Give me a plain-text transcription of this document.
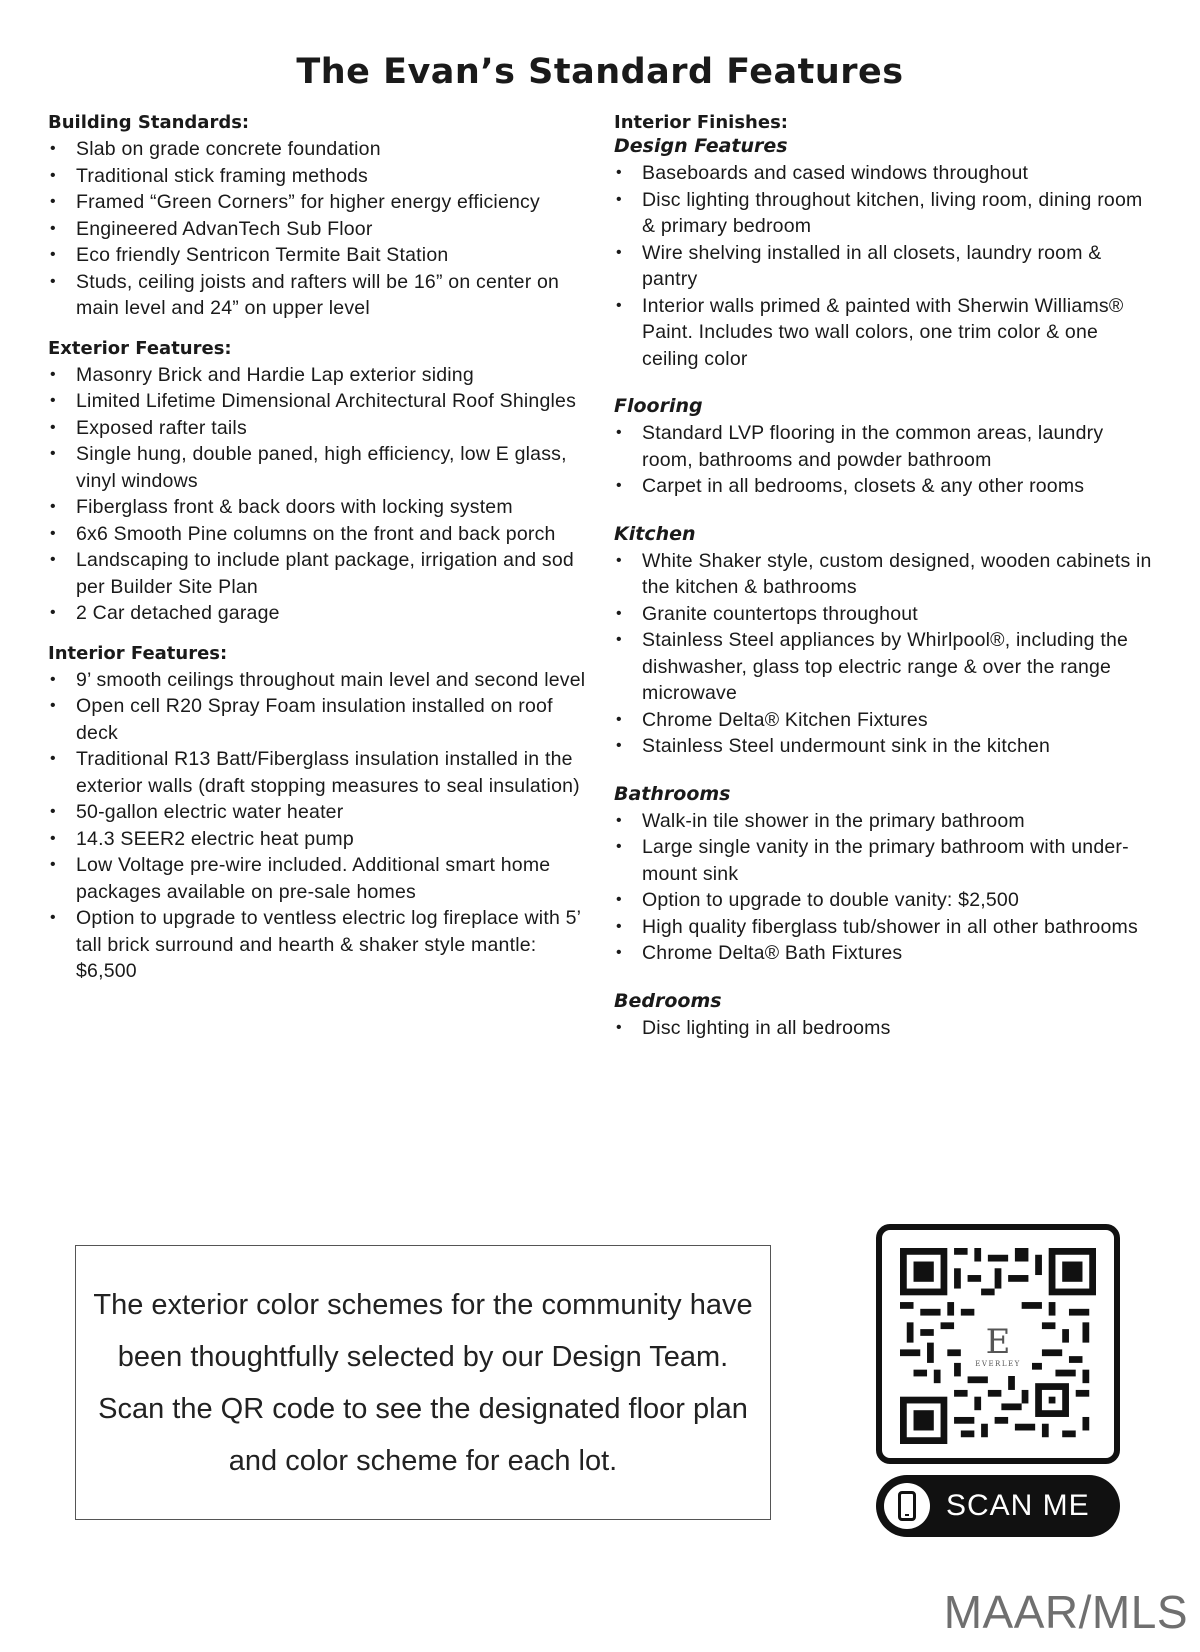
The Evan’s Standard Features
Building Standards:
• Slab on grade concrete foundation
• Traditional stick framing methods
• Framed “Green Corners” for higher energy efficiency
• Engineered AdvanTech Sub Floor
• Eco friendly Sentricon Termite Bait Station
• Studs, ceiling joists and rafters will be 16” on center on main level and 24” on upper level
Exterior Features:
• Masonry Brick and Hardie Lap exterior siding
• Limited Lifetime Dimensional Architectural Roof Shingles
• Exposed rafter tails
• Single hung, double paned, high efficiency, low E glass, vinyl windows
• Fiberglass front & back doors with locking system
• 6x6 Smooth Pine columns on the front and back porch
• Landscaping to include plant package, irrigation and sod per Builder Site Plan
• 2 Car detached garage
Interior Features:
• 9’ smooth ceilings throughout main level and second level
• Open cell R20 Spray Foam insulation installed on roof deck
• Traditional R13 Batt/Fiberglass insulation installed in the exterior walls (draft stopping measures to seal insulation)
• 50-gallon electric water heater
• 14.3 SEER2 electric heat pump
• Low Voltage pre-wire included. Additional smart home packages available on pre-sale homes
• Option to upgrade to ventless electric log fireplace with 5’ tall brick surround and hearth & shaker style mantle: $6,500
Interior Finishes:
Design Features
• Baseboards and cased windows throughout
• Disc lighting throughout kitchen, living room, dining room & primary bedroom
• Wire shelving installed in all closets, laundry room & pantry
• Interior walls primed & painted with Sherwin Williams® Paint. Includes two wall colors, one trim color & one ceiling color
Flooring
• Standard LVP flooring in the common areas, laundry room, bathrooms and powder bathroom
• Carpet in all bedrooms, closets & any other rooms
Kitchen
• White Shaker style, custom designed, wooden cabinets in the kitchen & bathrooms
• Granite countertops throughout
• Stainless Steel appliances by Whirlpool®, including the dishwasher, glass top electric range & over the range microwave
• Chrome Delta® Kitchen Fixtures
• Stainless Steel undermount sink in the kitchen
Bathrooms
• Walk-in tile shower in the primary bathroom
• Large single vanity in the primary bathroom with under-mount sink
• Option to upgrade to double vanity: $2,500
• High quality fiberglass tub/shower in all other bathrooms
• Chrome Delta® Bath Fixtures
Bedrooms
• Disc lighting in all bedrooms
The exterior color schemes for the community have been thoughtfully selected by our Design Team. Scan the QR code to see the designated floor plan and color scheme for each lot.
E
EVERLEY
SCAN ME
MAAR/MLS
